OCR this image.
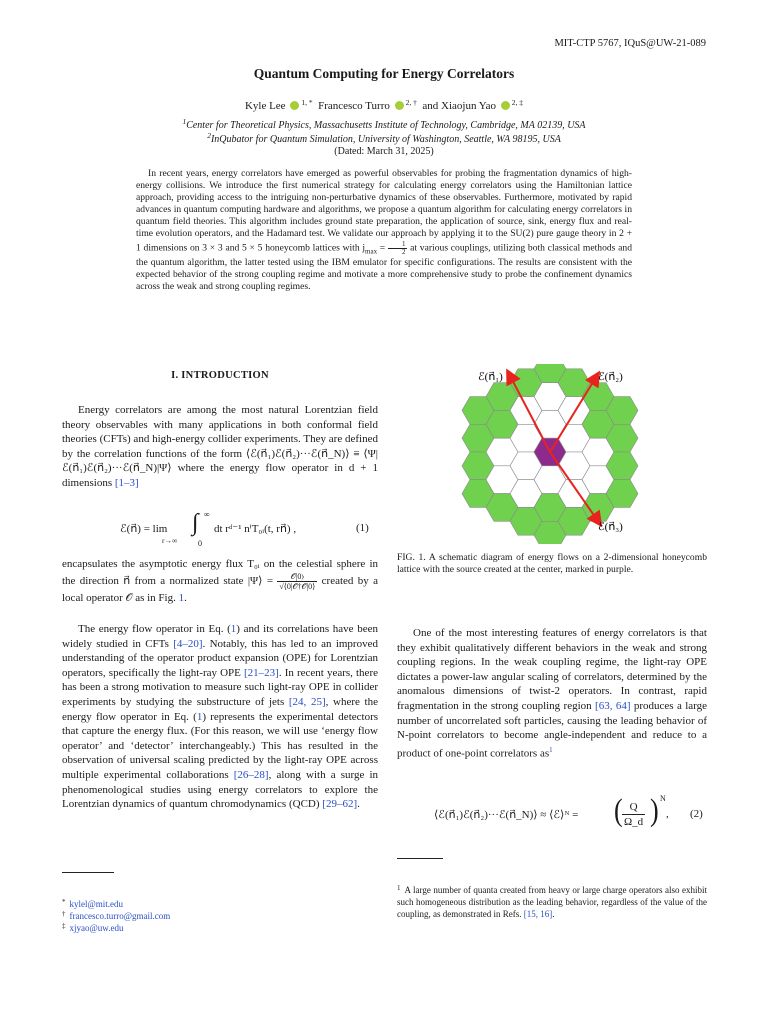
MIT-CTP 5767, IQuS@UW-21-089
Quantum Computing for Energy Correlators
Kyle Lee $^{1, *}$ Francesco Turro $^{2, \dagger}$ and Xiaojun Yao $^{2, \ddagger}$
$^1$Center for Theoretical Physics, Massachusetts Institute of Technology, Cambridge, MA 02139, USA
$^2$InQubator for Quantum Simulation, University of Washington, Seattle, WA 98195, USA
(Dated: March 31, 2025)
In recent years, energy correlators have emerged as powerful observables for probing the fragmentation dynamics of high-energy collisions. We introduce the first numerical strategy for calculating energy correlators using the Hamiltonian lattice approach, providing access to the intriguing non-perturbative dynamics of these observables. Furthermore, motivated by rapid advances in quantum computing hardware and algorithms, we propose a quantum algorithm for calculating energy correlators in quantum field theories. This algorithm includes ground state preparation, the application of source, sink, energy flux and real-time evolution operators, and the Hadamard test. We validate our approach by applying it to the SU(2) pure gauge theory in 2 + 1 dimensions on 3 × 3 and 5 × 5 honeycomb lattices with $j_{max} = \frac{1}{2}$ at various couplings, utilizing both classical methods and the quantum algorithm, the latter tested using the IBM emulator for specific configurations. The results are consistent with the expected behavior of the strong coupling regime and motivate a more comprehensive study to probe the confinement dynamics across the weak and strong coupling regimes.
I. INTRODUCTION
Energy correlators are among the most natural Lorentzian field theory observables with many applications in both conformal field theories (CFTs) and high-energy collider experiments. They are defined by the correlation functions of the form ⟨ℰ(n⃗₁)ℰ(n⃗₂)···ℰ(n⃗_N)⟩ ≡ ⟨Ψ|ℰ(n⃗₁)ℰ(n⃗₂)···ℰ(n⃗_N)|Ψ⟩ where the energy flow operator in d + 1 dimensions [1–3]
ℰ(n⃗) = lim
r→∞
∫ ∞
0
dt rᵈ⁻¹ nⁱT₀ᵢ(t, rn⃗) ,	(1)
encapsulates the asymptotic energy flux T₀ᵢ on the celestial sphere in the direction n⃗ from a normalized state |Ψ⟩ = $\frac{\text{𝒪|0⟩}}{\text{√⟨0|𝒪†𝒪|0⟩}}$ created by a local operator 𝒪 as in Fig. 1.
The energy flow operator in Eq. (1) and its correlations have been widely studied in CFTs [4–20]. Notably, this has led to an improved understanding of the operator product expansion (OPE) for Lorentzian operators, specifically the light-ray OPE [21–23]. In recent years, there has been a strong motivation to measure such light-ray OPE in collider experiments by studying the substructure of jets [24, 25], where the energy flow operator in Eq. (1) represents the experimental detectors that capture the energy flux. (For this reason, we will use ‘energy flow operator’ and ‘detector’ interchangeably.) This has resulted in the observation of universal scaling predicted by the light-ray OPE across multiple experimental collaborations [26–28], along with a surge in phenomenological studies using energy correlators to explore the Lorentzian dynamics of quantum chromodynamics (QCD) [29–62].
* kylel@mit.edu
† francesco.turro@gmail.com
‡ xjyao@uw.edu
ℰ(n⃗₁)	ℰ(n⃗₂)
ℰ(n⃗₃)
FIG. 1. A schematic diagram of energy flows on a 2-dimensional honeycomb lattice with the source created at the center, marked in purple.
One of the most interesting features of energy correlators is that they exhibit qualitatively different behaviors in the weak and strong coupling regions. In the weak coupling regime, the light-ray OPE dictates a power-law angular scaling of correlators, determined by the anomalous dimensions of twist-2 operators. In contrast, rapid fragmentation in the strong coupling region [63, 64] produces a large number of uncorrelated soft particles, causing the leading behavior of N-point correlators to become angle-independent and reduce to a product of one-point correlators $as^1$
⟨ℰ(n⃗₁)ℰ(n⃗₂)···ℰ(n⃗_N)⟩ ≈ ⟨ℰ⟩ᴺ = ( $\frac{Q}{\Omega\_d}$ ) N
, (2)
$^1$ A large number of quanta created from heavy or large charge operators also exhibit such homogeneous distribution as the leading behavior, regardless of the value of the coupling, as demonstrated in Refs. [15, 16].
